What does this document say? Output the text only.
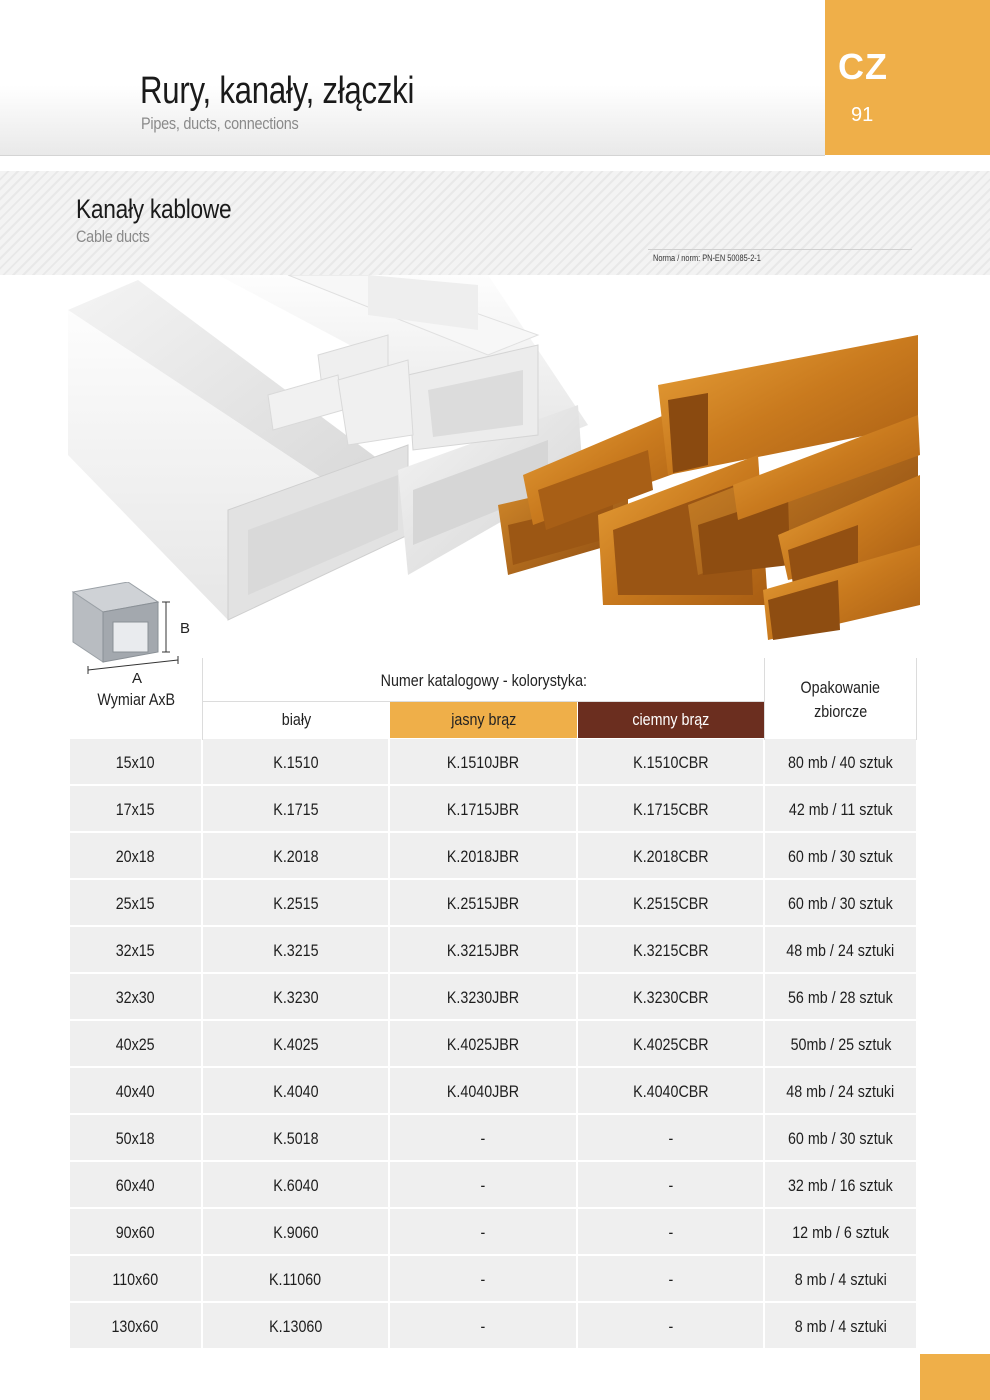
Rury, kanały, złączki
Pipes, ducts, connections
CZ
91
Kanały kablowe
Cable ducts
Norma / norm: PN-EN 50085-2-1
A
B
Wymiar AxB
Numer katalogowy - kolorystyka:
biały	jasny brąz	ciemny brąz
Opakowanie
zbiorcze
15x10	K.1510	K.1510JBR	K.1510CBR	80 mb / 40 sztuk
17x15	K.1715	K.1715JBR	K.1715CBR	42 mb / 11 sztuk
20x18	K.2018	K.2018JBR	K.2018CBR	60 mb / 30 sztuk
25x15	K.2515	K.2515JBR	K.2515CBR	60 mb / 30 sztuk
32x15	K.3215	K.3215JBR	K.3215CBR	48 mb / 24 sztuki
32x30	K.3230	K.3230JBR	K.3230CBR	56 mb / 28 sztuk
40x25	K.4025	K.4025JBR	K.4025CBR	50mb / 25 sztuk
40x40	K.4040	K.4040JBR	K.4040CBR	48 mb / 24 sztuki
50x18	K.5018	-	-	60 mb / 30 sztuk
60x40	K.6040	-	-	32 mb / 16 sztuk
90x60	K.9060	-	-	12 mb / 6 sztuk
110x60	K.11060	-	-	8 mb / 4 sztuki
130x60	K.13060	-	-	8 mb / 4 sztuki
